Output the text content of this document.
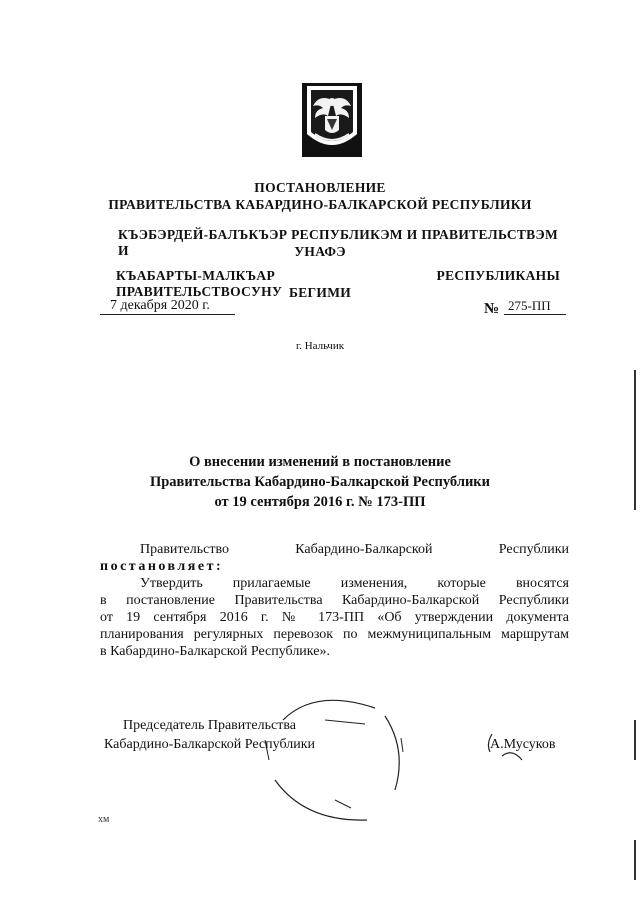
ПОСТАНОВЛЕНИЕ
ПРАВИТЕЛЬСТВА КАБАРДИНО-БАЛКАРСКОЙ РЕСПУБЛИКИ
КЪЭБЭРДЕЙ-БАЛЪКЪЭР РЕСПУБЛИКЭМ И ПРАВИТЕЛЬСТВЭМ И	УНАФЭ
КЪАБАРТЫ-МАЛКЪАР РЕСПУБЛИКАНЫ ПРАВИТЕЛЬСТВОСУНУ БЕГИМИ
7 декабря 2020 г.	№ 275-ПП
г. Нальчик
О внесении изменений в постановление
Правительства Кабардино-Балкарской Республики
от 19 сентября 2016 г. № 173-ПП
Правительство Кабардино-Балкарской Республики
постановляет:
Утвердить прилагаемые изменения, которые вносятся
в постановление Правительства Кабардино-Балкарской Республики
от 19 сентября 2016 г. № 173-ПП «Об утверждении документа
планирования регулярных перевозок по межмуниципальным маршрутам
в Кабардино-Балкарской Республике».
Председатель Правительства
Кабардино-Балкарской Республики	А.Мусуков
хм
